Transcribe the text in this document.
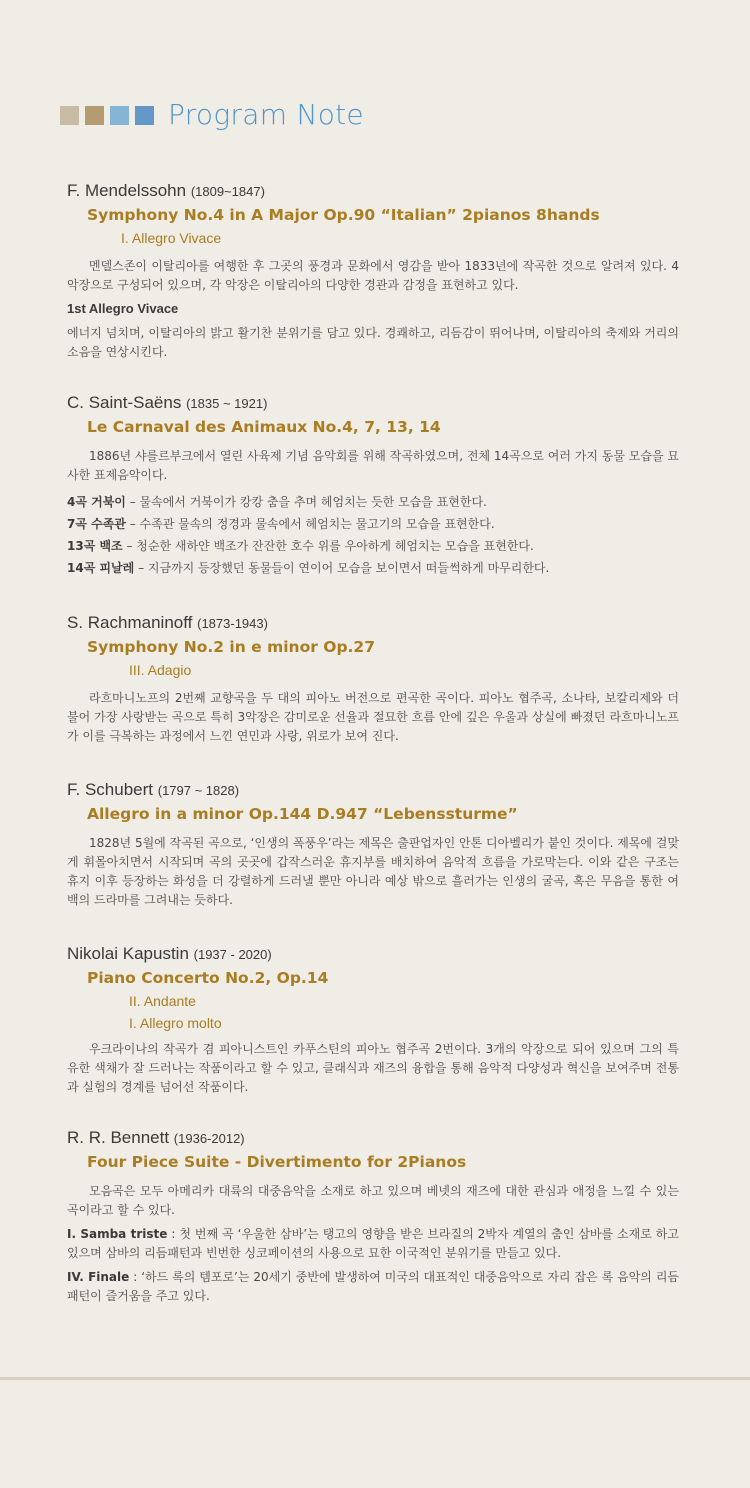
Program Note
F. Mendelssohn (1809~1847)
Symphony No.4 in A Major Op.90 “Italian” 2pianos 8hands
I. Allegro Vivace

멘델스존이 이탈리아를 여행한 후 그곳의 풍경과 문화에서 영감을 받아 1833년에 작곡한 것으로 알려져 있다. 4악장으로 구성되어 있으며, 각 악장은 이탈리아의 다양한 경관과 감정을 표현하고 있다.

1st Allegro Vivace

에너지 넘치며, 이탈리아의 밝고 활기찬 분위기를 담고 있다. 경쾌하고, 리듬감이 뛰어나며, 이탈리아의 축제와 거리의 소음을 연상시킨다.

C. Saint-Saëns (1835 ~ 1921)
Le Carnaval des Animaux No.4, 7, 13, 14

1886년 샤를르부크에서 열린 사육제 기념 음악회를 위해 작곡하였으며, 전체 14곡으로 여러 가지 동물 모습을 묘사한 표제음악이다.

4곡 거북이 – 물속에서 거북이가 캉캉 춤을 추며 헤엄치는 듯한 모습을 표현한다.
7곡 수족관 – 수족관 물속의 정경과 물속에서 헤엄치는 물고기의 모습을 표현한다.
13곡 백조 – 청순한 새하얀 백조가 잔잔한 호수 위를 우아하게 헤엄치는 모습을 표현한다.
14곡 피날레 – 지금까지 등장했던 동물들이 연이어 모습을 보이면서 떠들썩하게 마무리한다.
S. Rachmaninoff (1873-1943)
Symphony No.2 in e minor Op.27
III. Adagio

라흐마니노프의 2번째 교향곡을 두 대의 피아노 버전으로 편곡한 곡이다. 피아노 협주곡, 소나타, 보칼리제와 더불어 가장 사랑받는 곡으로 특히 3악장은 감미로운 선율과 절묘한 흐름 안에 깊은 우울과 상실에 빠졌던 라흐마니노프가 이를 극복하는 과정에서 느낀 연민과 사랑, 위로가 보여 진다.

F. Schubert (1797 ~ 1828)
Allegro in a minor Op.144 D.947 “Lebenssturme”

1828년 5월에 작곡된 곡으로, ‘인생의 폭풍우’라는 제목은 출판업자인 안톤 디아벨리가 붙인 것이다. 제목에 걸맞게 휘몰아치면서 시작되며 곡의 곳곳에 갑작스러운 휴지부를 배치하여 음악적 흐름을 가로막는다. 이와 같은 구조는 휴지 이후 등장하는 화성을 더 강렬하게 드러낼 뿐만 아니라 예상 밖으로 흘러가는 인생의 굴곡, 혹은 무음을 통한 여백의 드라마를 그려내는 듯하다.

Nikolai Kapustin (1937 - 2020)
Piano Concerto No.2, Op.14
II. Andante
I. Allegro molto

우크라이나의 작곡가 겸 피아니스트인 카푸스틴의 피아노 협주곡 2번이다. 3개의 악장으로 되어 있으며 그의 특유한 색채가 잘 드러나는 작품이라고 할 수 있고, 클래식과 재즈의 융합을 통해 음악적 다양성과 혁신을 보여주며 전통과 실험의 경계를 넘어선 작품이다.

R. R. Bennett (1936-2012)
Four Piece Suite - Divertimento for 2Pianos

모음곡은 모두 아메리카 대륙의 대중음악을 소재로 하고 있으며 베넷의 재즈에 대한 관심과 애정을 느낄 수 있는 곡이라고 할 수 있다.

I. Samba triste : 첫 번째 곡 ‘우울한 삼바’는 탱고의 영향을 받은 브라질의 2박자 계열의 춤인 삼바를 소재로 하고 있으며 삼바의 리듬패턴과 빈번한 싱코페이션의 사용으로 묘한 이국적인 분위기를 만들고 있다.

IV. Finale : ‘하드 록의 템포로’는 20세기 중반에 발생하여 미국의 대표적인 대중음악으로 자리 잡은 록 음악의 리듬패턴이 즐거움을 주고 있다.
